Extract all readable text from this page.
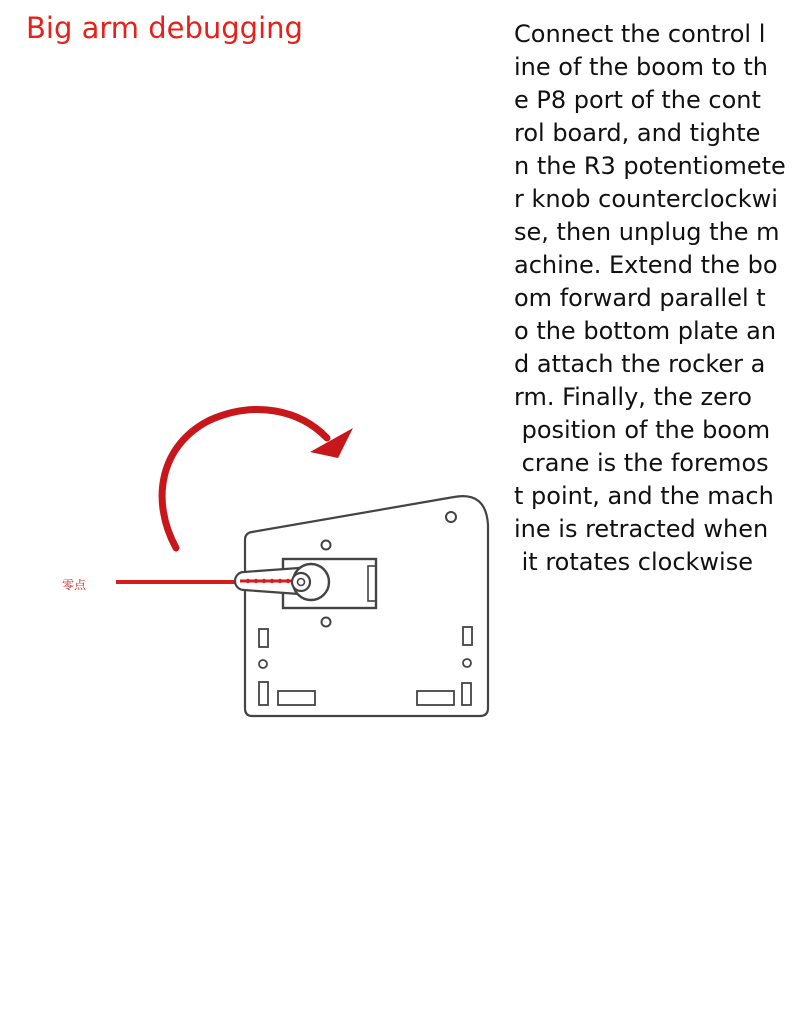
Big arm debugging	Connect the control l
ine of the boom to th
e P8 port of the cont
rol board, and tighte
n the R3 potentiomete
r knob counterclockwi
se, then unplug the m
achine. Extend the bo
om forward parallel t
o the bottom plate an
d attach the rocker a
rm. Finally, the zero
position of the boom
crane is the foremos
t point, and the mach
ine is retracted when
it rotates clockwise
零点
